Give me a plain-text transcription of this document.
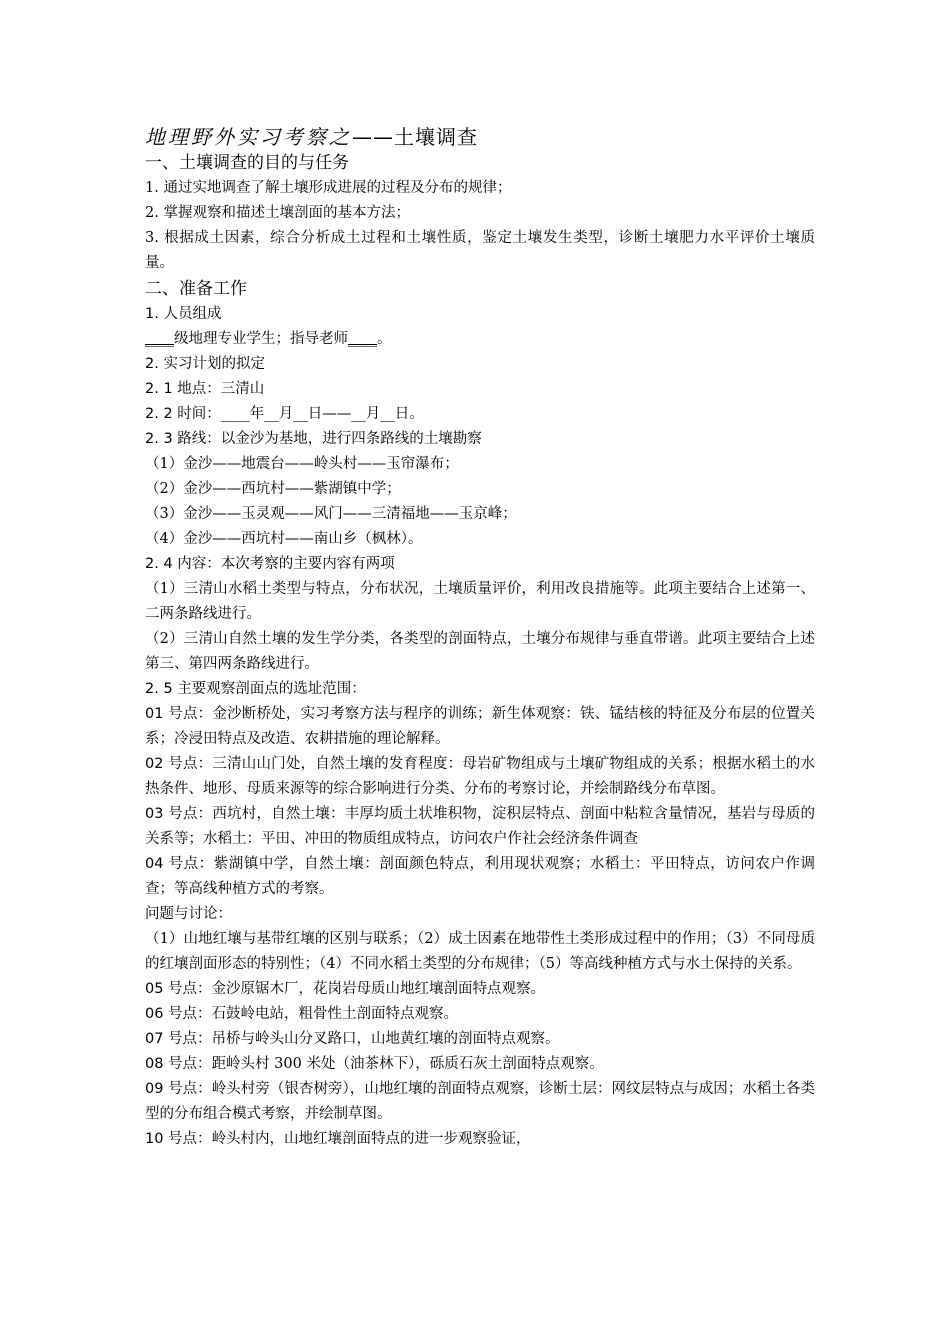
地理野外实习考察之——土壤调查
一、土壤调查的目的与任务

1. 通过实地调查了解土壤形成进展的过程及分布的规律；

2. 掌握观察和描述土壤剖面的基本方法；

3. 根据成土因素，综合分析成土过程和土壤性质，鉴定土壤发生类型，诊断土壤肥力水平评价土壤质量。

二、准备工作
1. 人员组成

____级地理专业学生；指导老师____。

2. 实习计划的拟定

2. 1 地点：三清山

2. 2 时间：____年__月__日——__月__日。

2. 3 路线：以金沙为基地，进行四条路线的土壤勘察

（1）金沙——地震台——岭头村——玉帘瀑布；

（2）金沙——西坑村——紫湖镇中学；

（3）金沙——玉灵观——风门——三清福地——玉京峰；

（4）金沙——西坑村——南山乡（枫林）。

2. 4 内容：本次考察的主要内容有两项

（1）三清山水稻土类型与特点，分布状况，土壤质量评价，利用改良措施等。此项主要结合上述第一、二两条路线进行。

（2）三清山自然土壤的发生学分类，各类型的剖面特点，土壤分布规律与垂直带谱。此项主要结合上述第三、第四两条路线进行。

2. 5 主要观察剖面点的选址范围：

01 号点：金沙断桥处，实习考察方法与程序的训练；新生体观察：铁、锰结核的特征及分布层的位置关系；冷浸田特点及改造、农耕措施的理论解释。

02 号点：三清山山门处，自然土壤的发育程度：母岩矿物组成与土壤矿物组成的关系；根据水稻土的水热条件、地形、母质来源等的综合影响进行分类、分布的考察讨论，并绘制路线分布草图。

03 号点：西坑村，自然土壤：丰厚均质土状堆积物，淀积层特点、剖面中粘粒含量情况，基岩与母质的关系等；水稻土：平田、冲田的物质组成特点，访问农户作社会经济条件调查

04 号点：紫湖镇中学，自然土壤：剖面颜色特点，利用现状观察；水稻土：平田特点，访问农户作调查；等高线种植方式的考察。

问题与讨论：

（1）山地红壤与基带红壤的区别与联系；（2）成土因素在地带性土类形成过程中的作用；（3）不同母质的红壤剖面形态的特别性；（4）不同水稻土类型的分布规律；（5）等高线种植方式与水土保持的关系。

05 号点：金沙原锯木厂，花岗岩母质山地红壤剖面特点观察。

06 号点：石鼓岭电站，粗骨性土剖面特点观察。

07 号点：吊桥与岭头山分叉路口，山地黄红壤的剖面特点观察。

08 号点：距岭头村 300 米处（油茶林下），砾质石灰土剖面特点观察。

09 号点：岭头村旁（银杏树旁），山地红壤的剖面特点观察，诊断土层：网纹层特点与成因；水稻土各类型的分布组合模式考察，并绘制草图。

10 号点：岭头村内，山地红壤剖面特点的进一步观察验证，
